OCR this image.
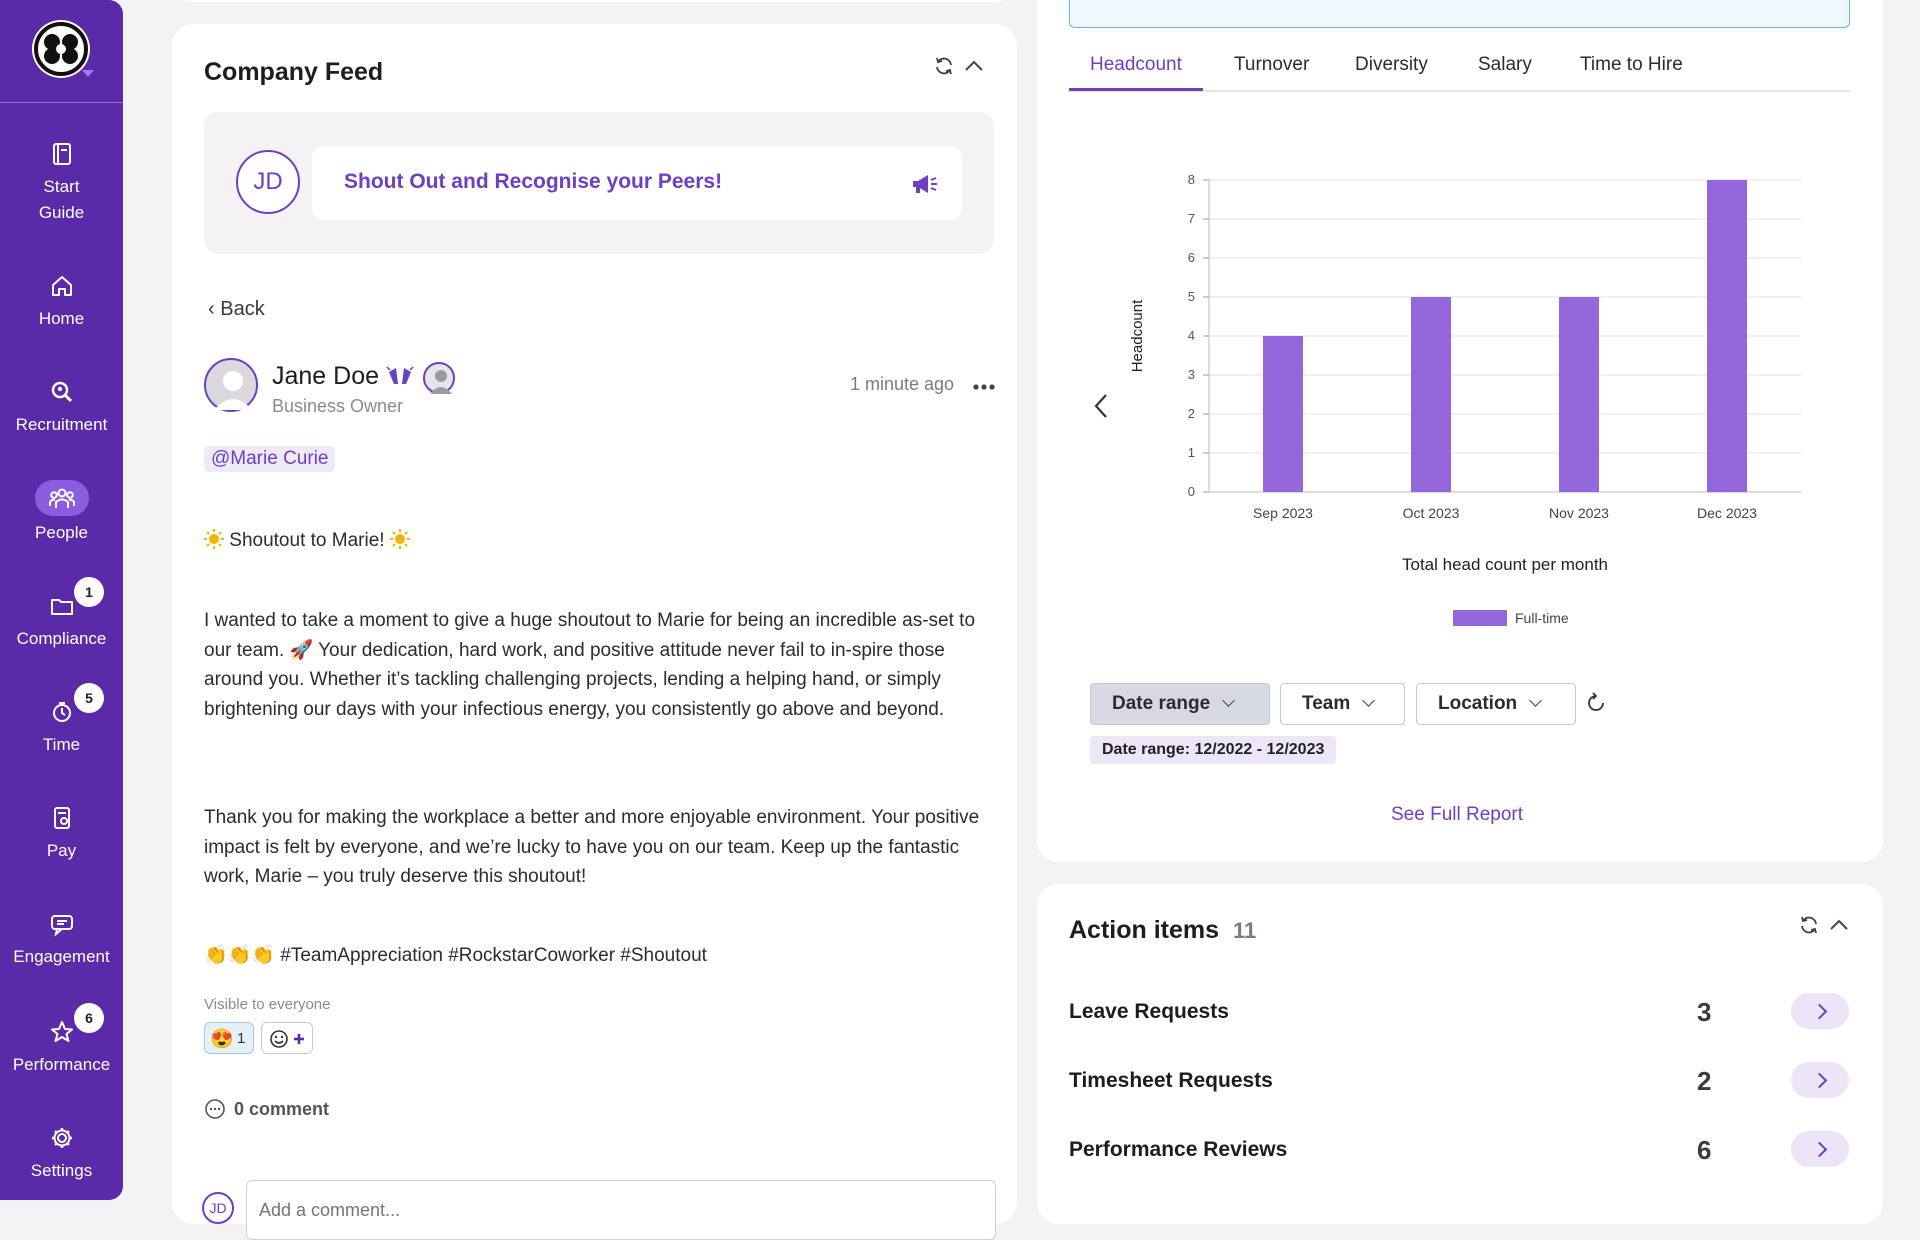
Start
Guide
Home
Recruitment
People
Compliance
1
Time
5
Pay
Engagement
Performance
6
Settings
Company Feed
JD	Shout Out and Recognise your Peers!
‹ Back
Jane Doe
Business Owner
1 minute ago
@Marie Curie
Shoutout to Marie!

I wanted to take a moment to give a huge shoutout to Marie for being an incredible as-set to our team. 🚀 Your dedication, hard work, and positive attitude never fail to in-spire those around you. Whether it’s tackling challenging projects, lending a helping hand, or simply brightening our days with your infectious energy, you consistently go above and beyond.

Thank you for making the workplace a better and more enjoyable environment. Your positive impact is felt by everyone, and we’re lucky to have you on our team. Keep up the fantastic work, Marie – you truly deserve this shoutout!

👏👏👏 #TeamAppreciation #RockstarCoworker #Shoutout
Visible to everyone
😍 1
0 comment
JD
Add a comment...
Headcount	Turnover Diversity	Salary	Time to Hire
0
1
2
3
4
5
6
7
8
Sep 2023	Oct 2023	Nov 2023	Dec 2023
Headcount
Total head count per month
Full-time
Date range	Team	Location
Date range: 12/2022 - 12/2023
See Full Report
Action items 11
Leave Requests	3
Timesheet Requests	2
Performance Reviews	6
